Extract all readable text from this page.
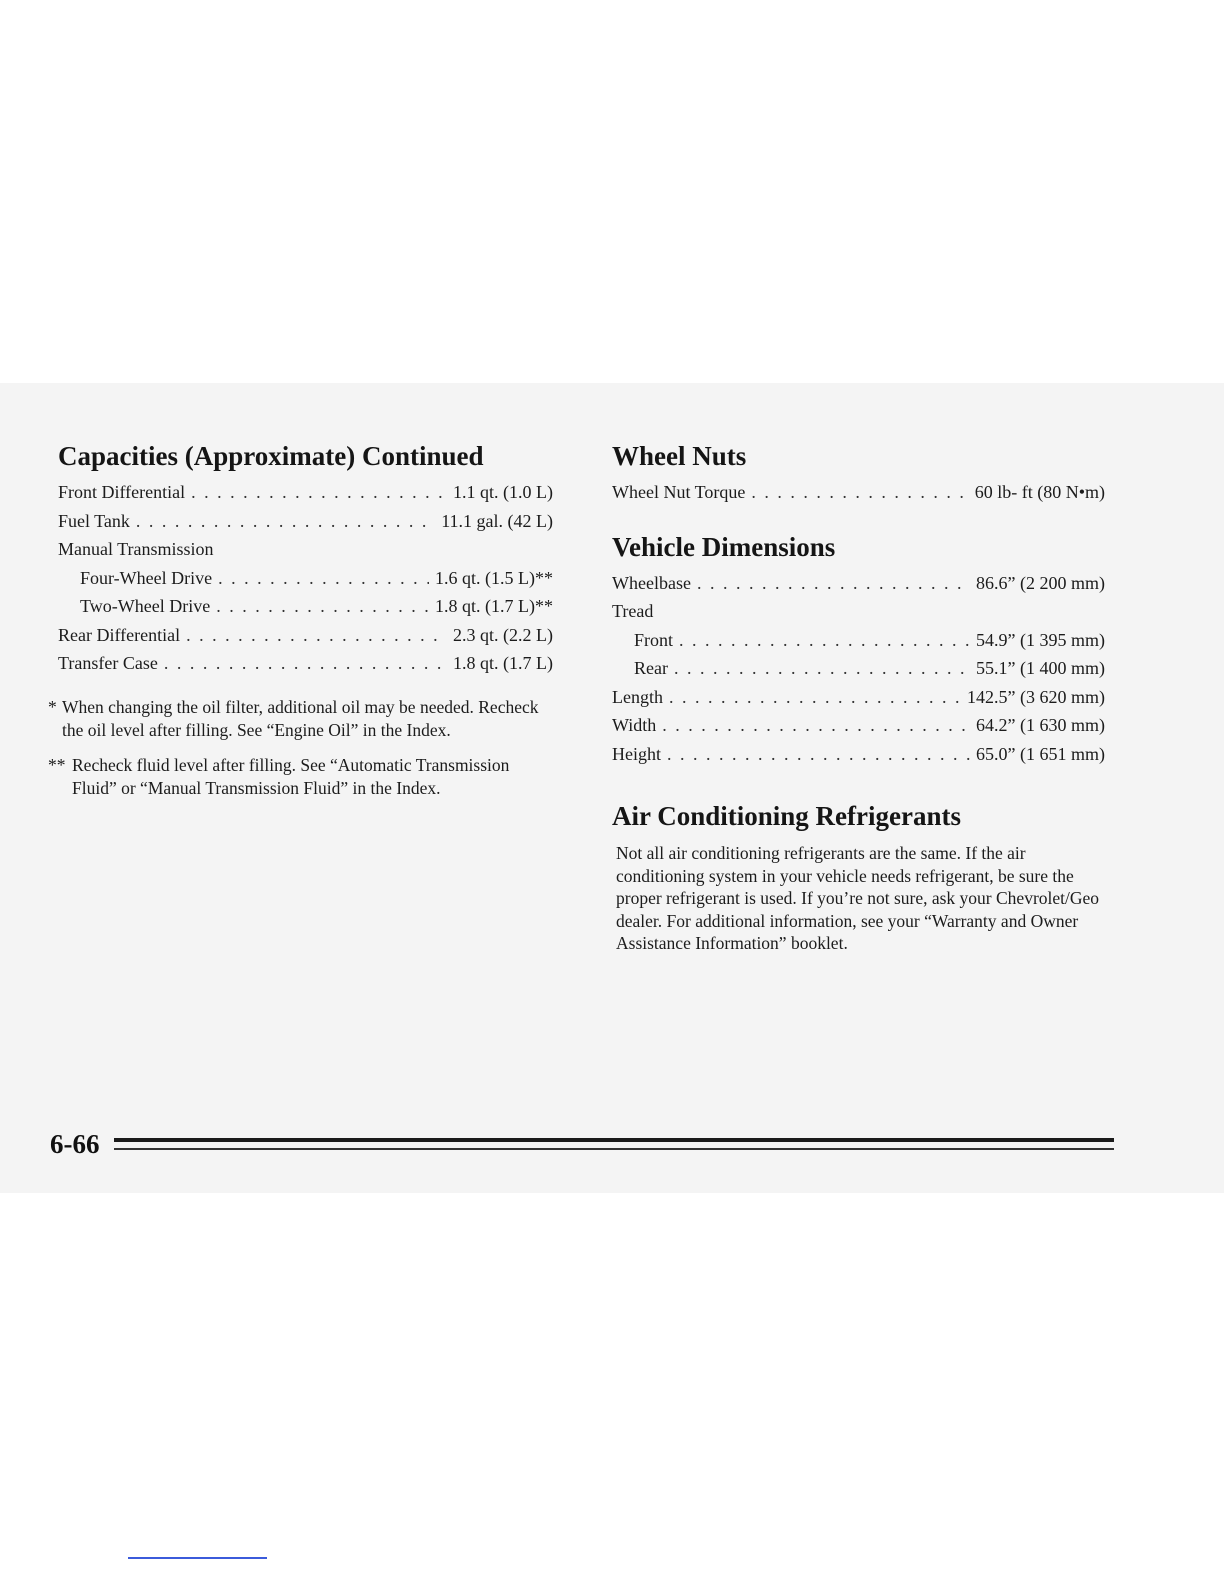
Capacities (Approximate) Continued
Front Differential . . .	1.1 qt. (1.0 L)
Fuel Tank . . .	11.1 gal. (42 L)
Manual Transmission
Four-Wheel Drive . . .	1.6 qt. (1.5 L)**
Two-Wheel Drive . . .	1.8 qt. (1.7 L)**
Rear Differential . . .	2.3 qt. (2.2 L)
Transfer Case . . .	1.8 qt. (1.7 L)
* When changing the oil filter, additional oil may be needed. Recheck the oil level after filling. See “Engine Oil” in the Index.
** Recheck fluid level after filling. See “Automatic Transmission Fluid” or “Manual Transmission Fluid” in the Index.
Wheel Nuts
Wheel Nut Torque . . .	60 lb- ft (80 N•m)
Vehicle Dimensions
Wheelbase . . .	86.6” (2 200 mm)
Tread
Front . . .	54.9” (1 395 mm)
Rear . . .	55.1” (1 400 mm)
Length . . .	142.5” (3 620 mm)
Width . . .	64.2” (1 630 mm)
Height . . .	65.0” (1 651 mm)
Air Conditioning Refrigerants

Not all air conditioning refrigerants are the same. If the air conditioning system in your vehicle needs refrigerant, be sure the proper refrigerant is used. If you’re not sure, ask your Chevrolet/Geo dealer. For additional information, see your “Warranty and Owner Assistance Information” booklet.

6-66
